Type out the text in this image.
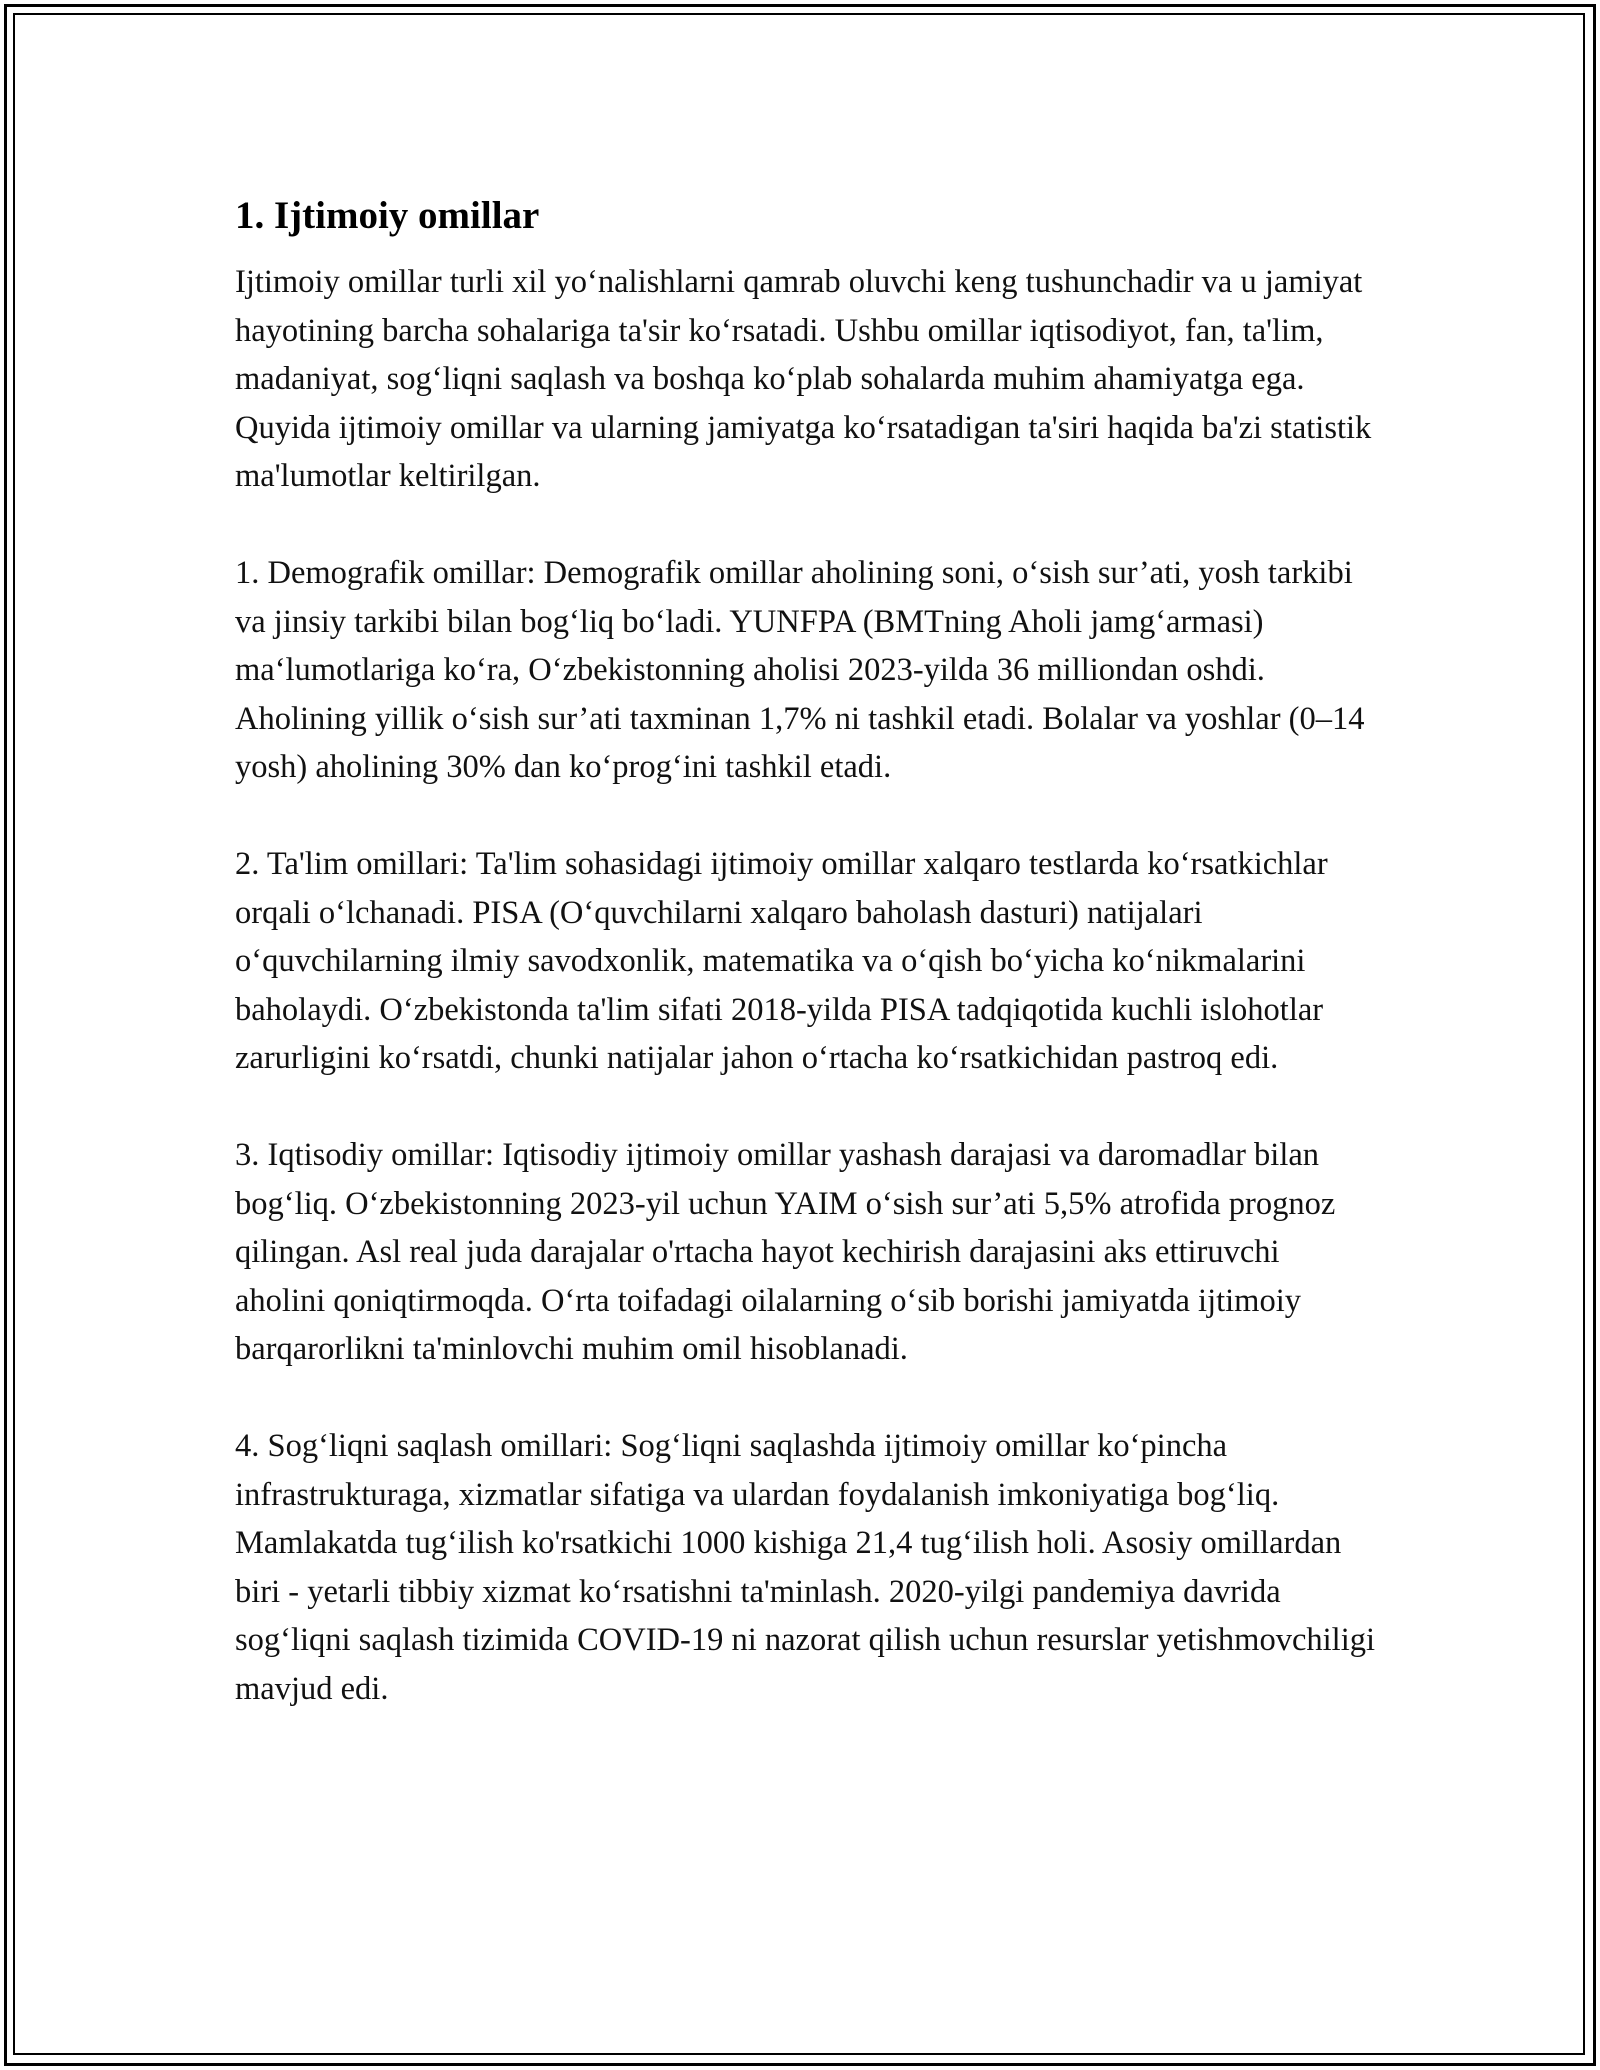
1. Ijtimoiy omillar

Ijtimoiy omillar turli xil yo‘nalishlarni qamrab oluvchi keng tushunchadir va u jamiyat hayotining barcha sohalariga ta'sir ko‘rsatadi. Ushbu omillar iqtisodiyot, fan, ta'lim, madaniyat, sog‘liqni saqlash va boshqa ko‘plab sohalarda muhim ahamiyatga ega. Quyida ijtimoiy omillar va ularning jamiyatga ko‘rsatadigan ta'siri haqida ba'zi statistik ma'lumotlar keltirilgan.

1. Demografik omillar: Demografik omillar aholining soni, o‘sish sur’ati, yosh tarkibi va jinsiy tarkibi bilan bog‘liq bo‘ladi. YUNFPA (BMTning Aholi jamg‘armasi) ma‘lumotlariga ko‘ra, O‘zbekistonning aholisi 2023-yilda 36 milliondan oshdi. Aholining yillik o‘sish sur’ati taxminan 1,7% ni tashkil etadi. Bolalar va yoshlar (0–14 yosh) aholining 30% dan ko‘prog‘ini tashkil etadi.

2. Ta'lim omillari: Ta'lim sohasidagi ijtimoiy omillar xalqaro testlarda ko‘rsatkichlar orqali o‘lchanadi. PISA (O‘quvchilarni xalqaro baholash dasturi) natijalari o‘quvchilarning ilmiy savodxonlik, matematika va o‘qish bo‘yicha ko‘nikmalarini baholaydi. O‘zbekistonda ta'lim sifati 2018-yilda PISA tadqiqotida kuchli islohotlar zarurligini ko‘rsatdi, chunki natijalar jahon o‘rtacha ko‘rsatkichidan pastroq edi.

3. Iqtisodiy omillar: Iqtisodiy ijtimoiy omillar yashash darajasi va daromadlar bilan bog‘liq. O‘zbekistonning 2023-yil uchun YAIM o‘sish sur’ati 5,5% atrofida prognoz qilingan. Asl real juda darajalar o'rtacha hayot kechirish darajasini aks ettiruvchi aholini qoniqtirmoqda. O‘rta toifadagi oilalarning o‘sib borishi jamiyatda ijtimoiy barqarorlikni ta'minlovchi muhim omil hisoblanadi.

4. Sog‘liqni saqlash omillari: Sog‘liqni saqlashda ijtimoiy omillar ko‘pincha infrastrukturaga, xizmatlar sifatiga va ulardan foydalanish imkoniyatiga bog‘liq. Mamlakatda tug‘ilish ko'rsatkichi 1000 kishiga 21,4 tug‘ilish holi. Asosiy omillardan biri - yetarli tibbiy xizmat ko‘rsatishni ta'minlash. 2020-yilgi pandemiya davrida sog‘liqni saqlash tizimida COVID-19 ni nazorat qilish uchun resurslar yetishmovchiligi mavjud edi.
